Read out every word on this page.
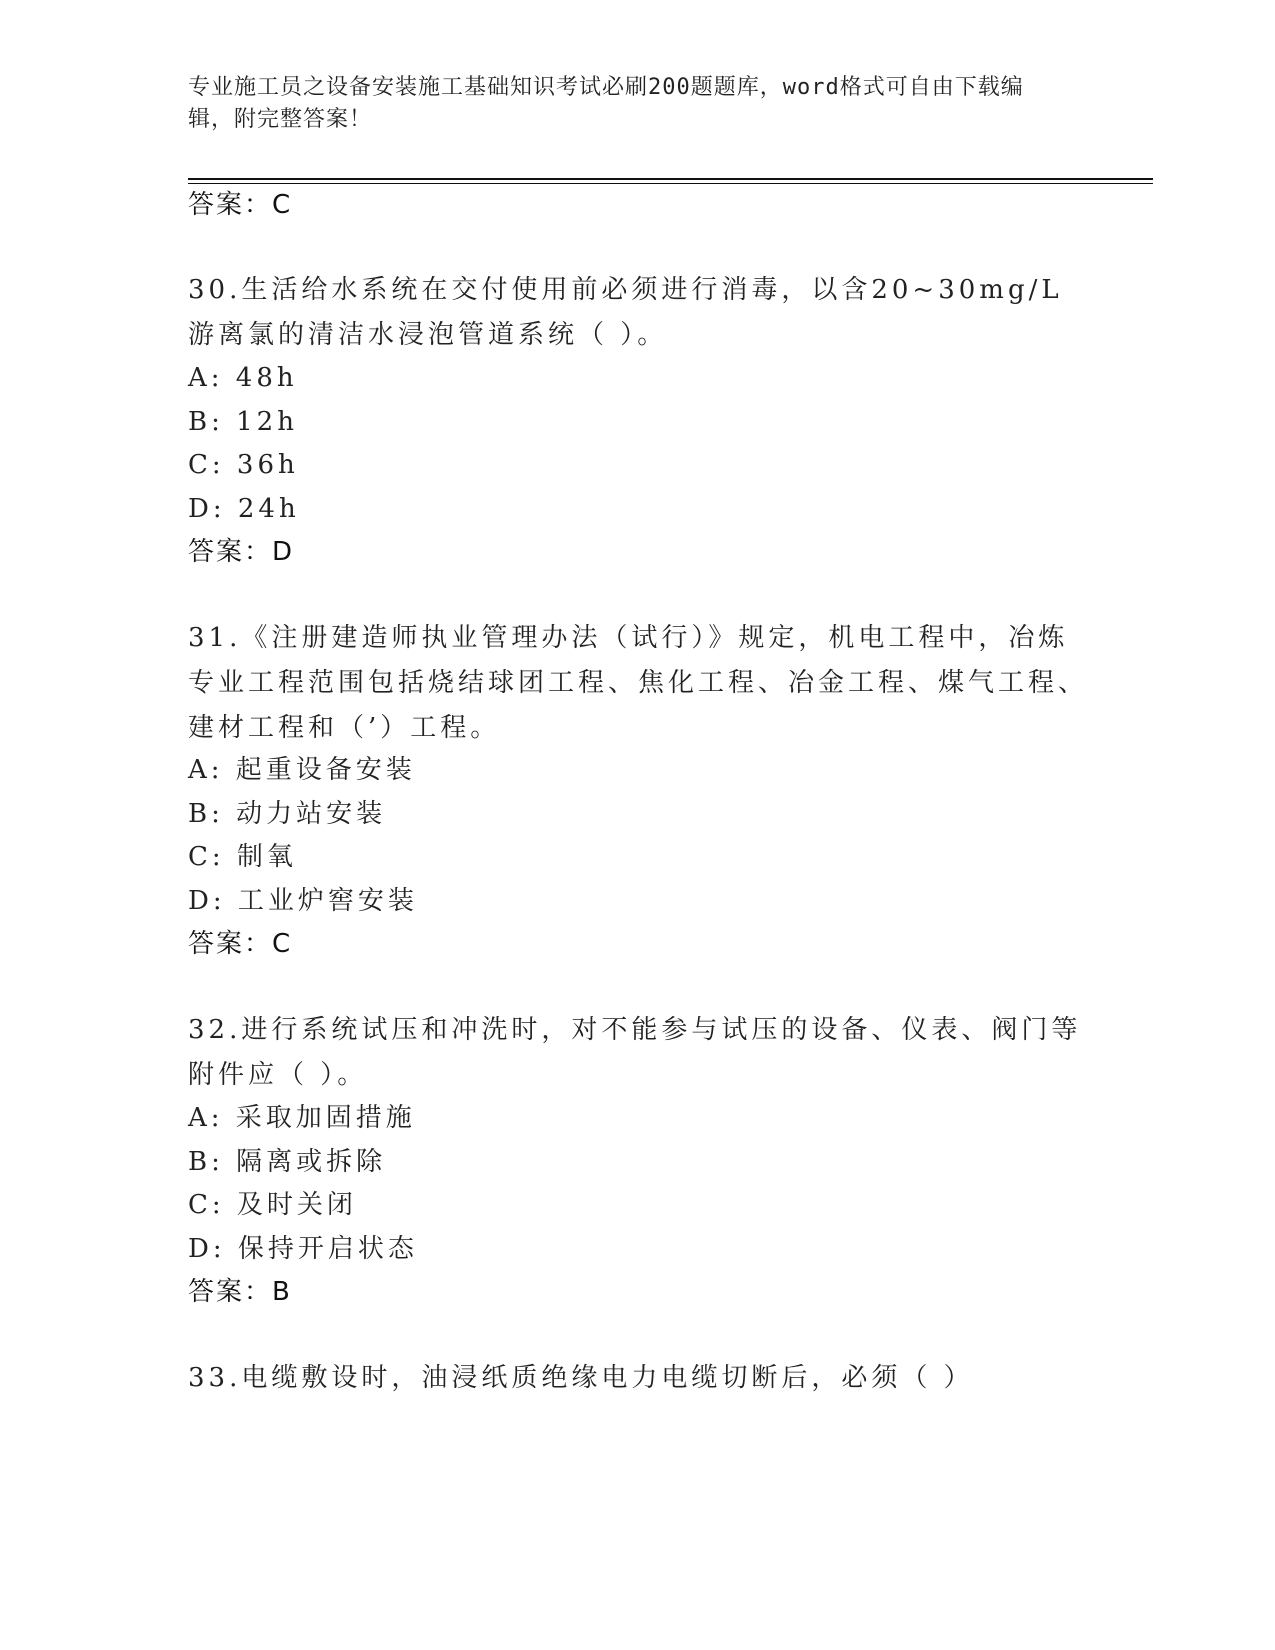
专业施工员之设备安装施工基础知识考试必刷200题题库，word格式可自由下载编辑，附完整答案！
答案：C
30.生活给水系统在交付使用前必须进行消毒，以含20~30mg/L游离氯的清洁水浸泡管道系统（ ）。
A: 48h
B: 12h
C: 36h
D: 24h
答案：D
31.《注册建造师执业管理办法（试行）》规定，机电工程中，冶炼专业工程范围包括烧结球团工程、焦化工程、冶金工程、煤气工程、建材工程和（’）工程。
A: 起重设备安装
B: 动力站安装
C: 制氧
D: 工业炉窖安装
答案：C
32.进行系统试压和冲洗时，对不能参与试压的设备、仪表、阀门等附件应（ ）。
A: 采取加固措施
B: 隔离或拆除
C: 及时关闭
D: 保持开启状态
答案：B
33.电缆敷设时，油浸纸质绝缘电力电缆切断后，必须（ ）
